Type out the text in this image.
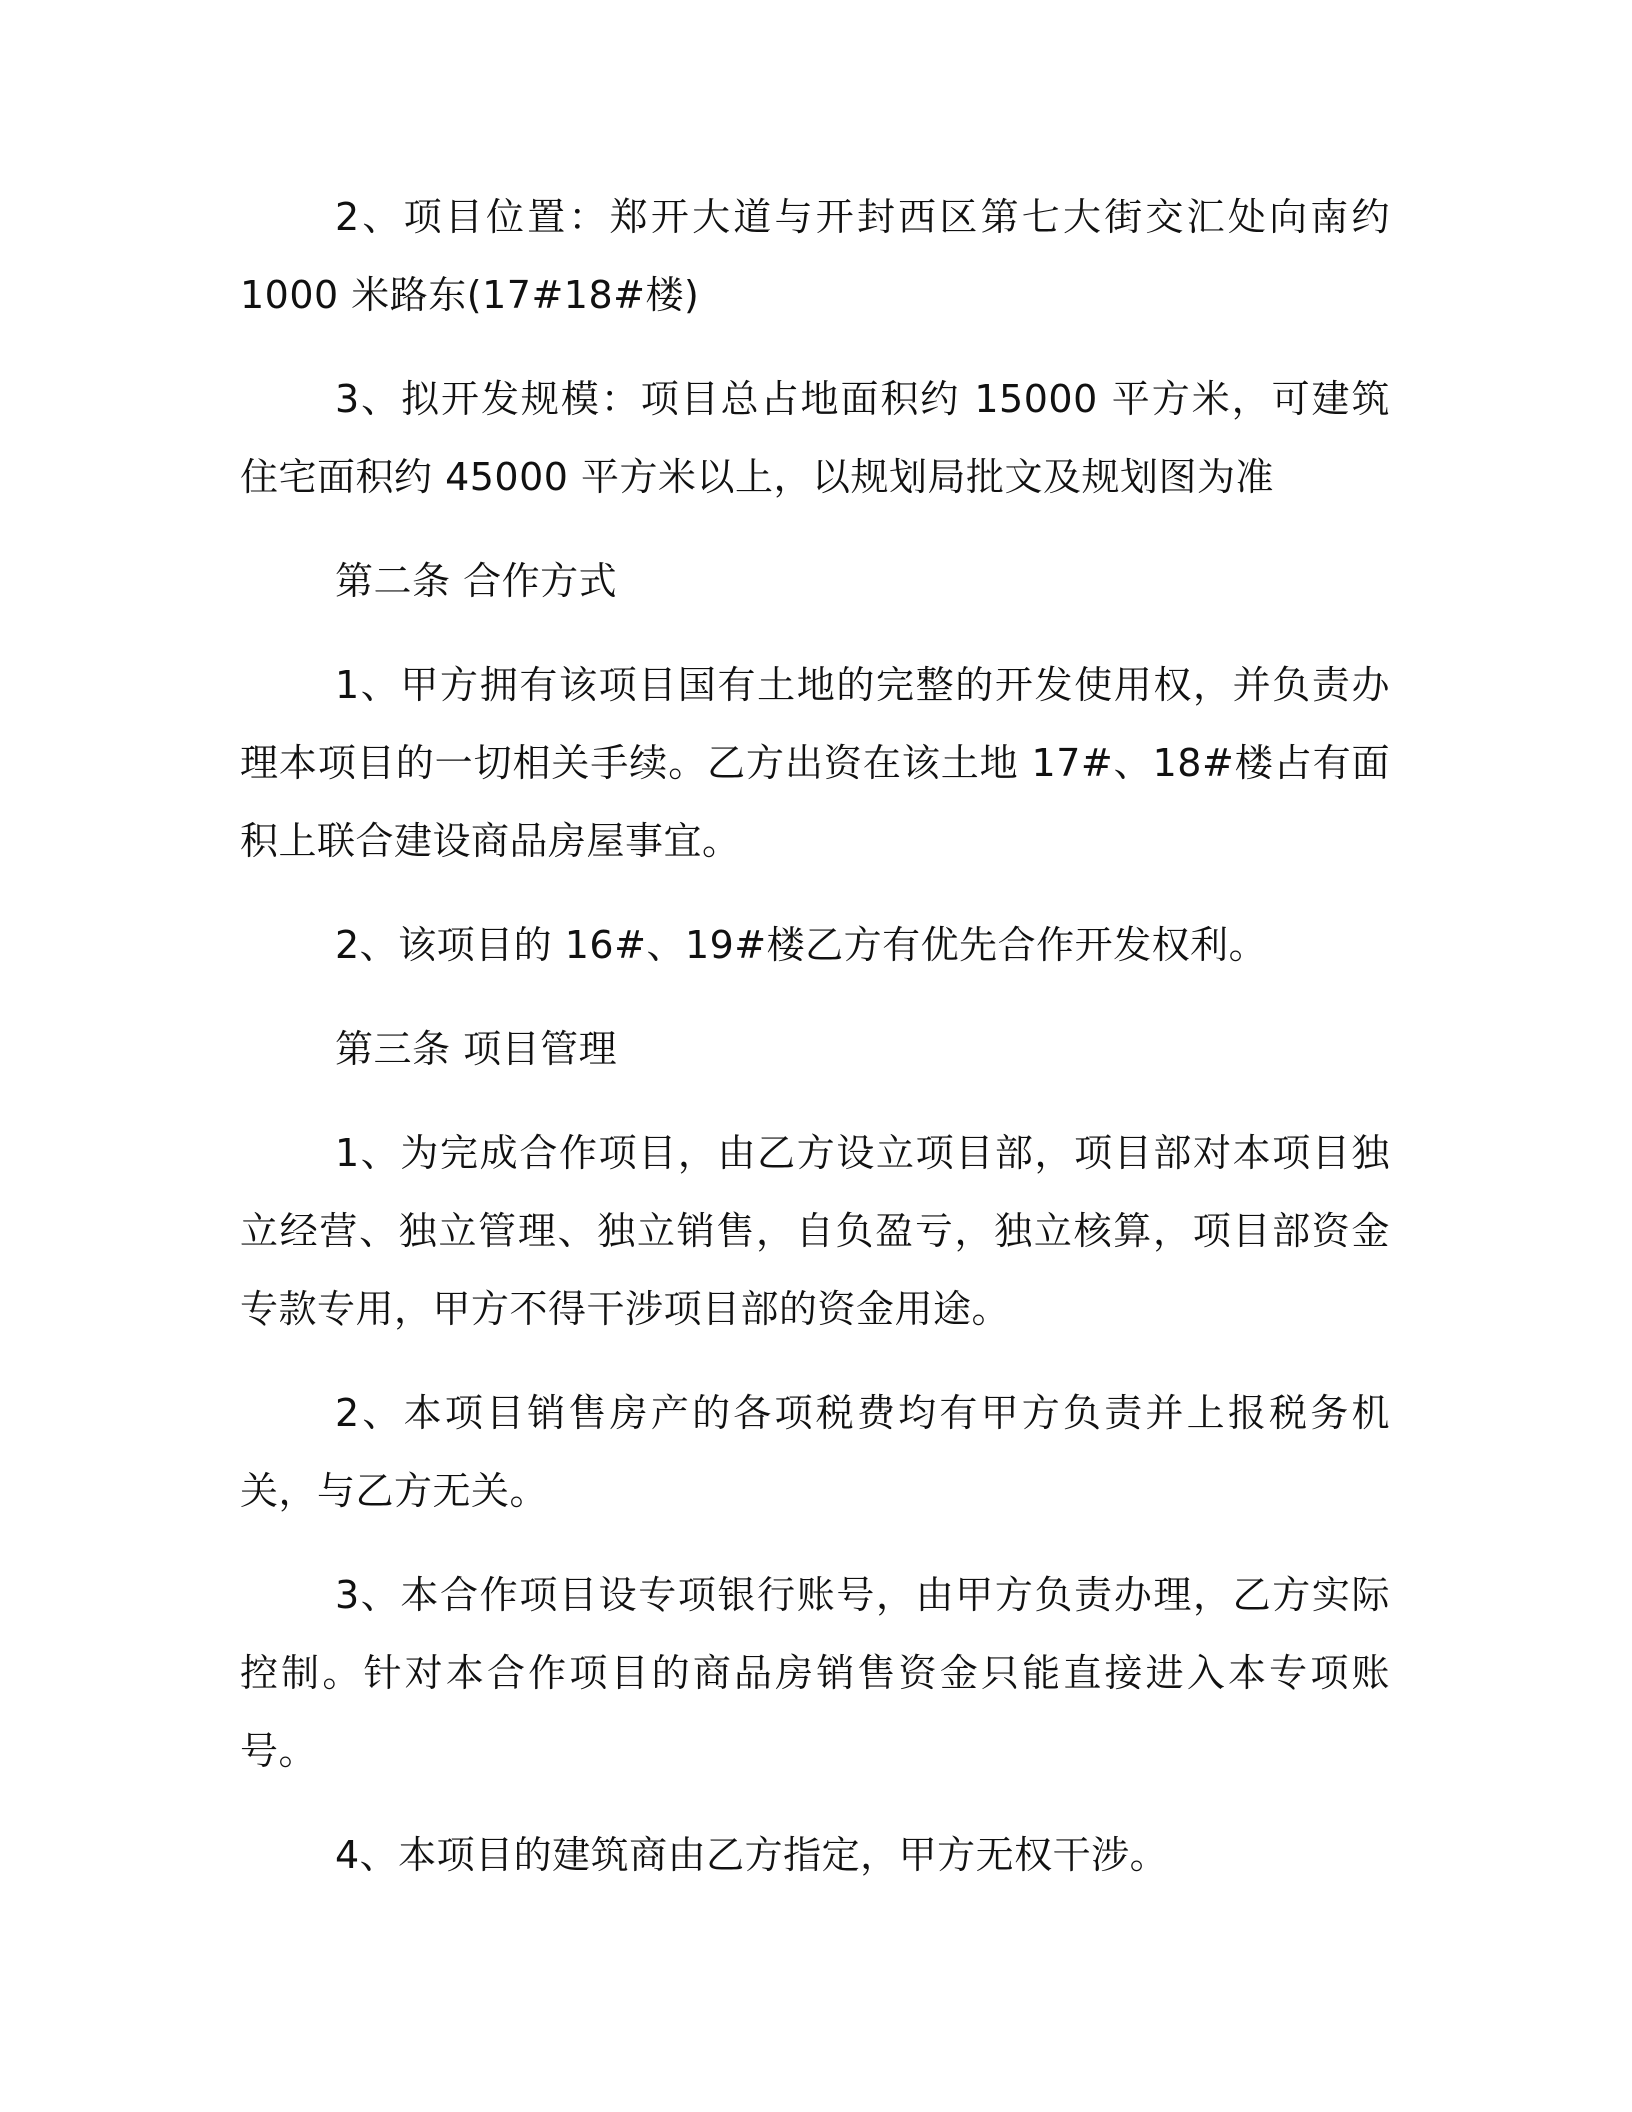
2、项目位置：郑开大道与开封西区第七大街交汇处向南约 1000 米路东(17#18#楼)

3、拟开发规模：项目总占地面积约 15000 平方米，可建筑住宅面积约 45000 平方米以上，以规划局批文及规划图为准

第二条 合作方式

1、甲方拥有该项目国有土地的完整的开发使用权，并负责办理本项目的一切相关手续。乙方出资在该土地 17#、18#楼占有面积上联合建设商品房屋事宜。

2、该项目的 16#、19#楼乙方有优先合作开发权利。

第三条 项目管理

1、为完成合作项目，由乙方设立项目部，项目部对本项目独立经营、独立管理、独立销售，自负盈亏，独立核算，项目部资金专款专用，甲方不得干涉项目部的资金用途。

2、本项目销售房产的各项税费均有甲方负责并上报税务机关，与乙方无关。

3、本合作项目设专项银行账号，由甲方负责办理，乙方实际控制。针对本合作项目的商品房销售资金只能直接进入本专项账号。

4、本项目的建筑商由乙方指定，甲方无权干涉。
